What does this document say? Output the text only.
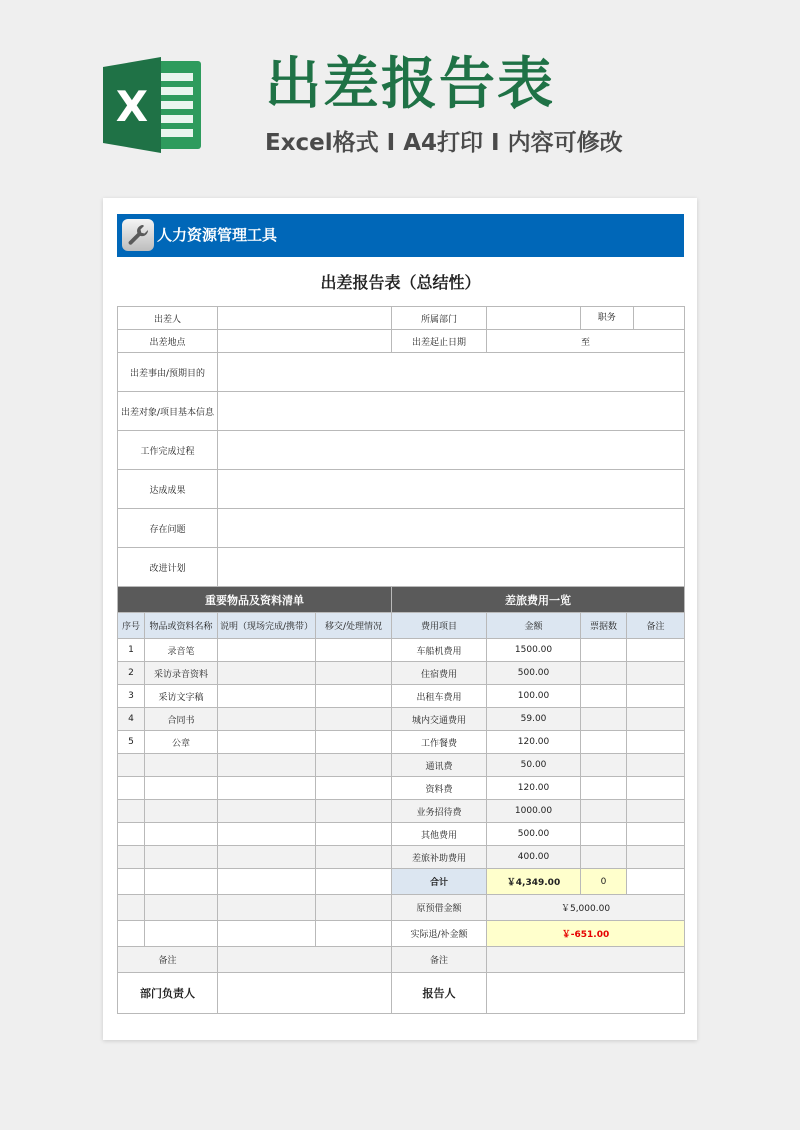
X 出差报告表
Excel格式 I A4打印 I 内容可修改
人力资源管理工具
出差报告表（总结性）
出差人				所属部门		职务	

出差地点				出差起止日期	至		
出差事由/预期目的							
出差对象/项目基本信息							
工作完成过程							
达成成果							
存在问题							
改进计划							
重要物品及资料清单				差旅费用一览			
序号	物品或资料名称	说明（现场完成/携带）	移交/处理情况	费用项目	金额	票据数	备注
1	录音笔			车船机费用	1500.00		
2	采访录音资料			住宿费用	500.00		
3	采访文字稿			出租车费用	100.00		
4	合同书			城内交通费用	59.00		
5	公章			工作餐费	120.00		
				通讯费	50.00		
				资料费	120.00		
				业务招待费	1000.00		
				其他费用	500.00		
				差旅补助费用	400.00		
				合计	￥4,349.00	0	
				原预借金额	￥5,000.00		
				实际退/补金额	￥-651.00		
备注				备注			
部门负责人				报告人			
